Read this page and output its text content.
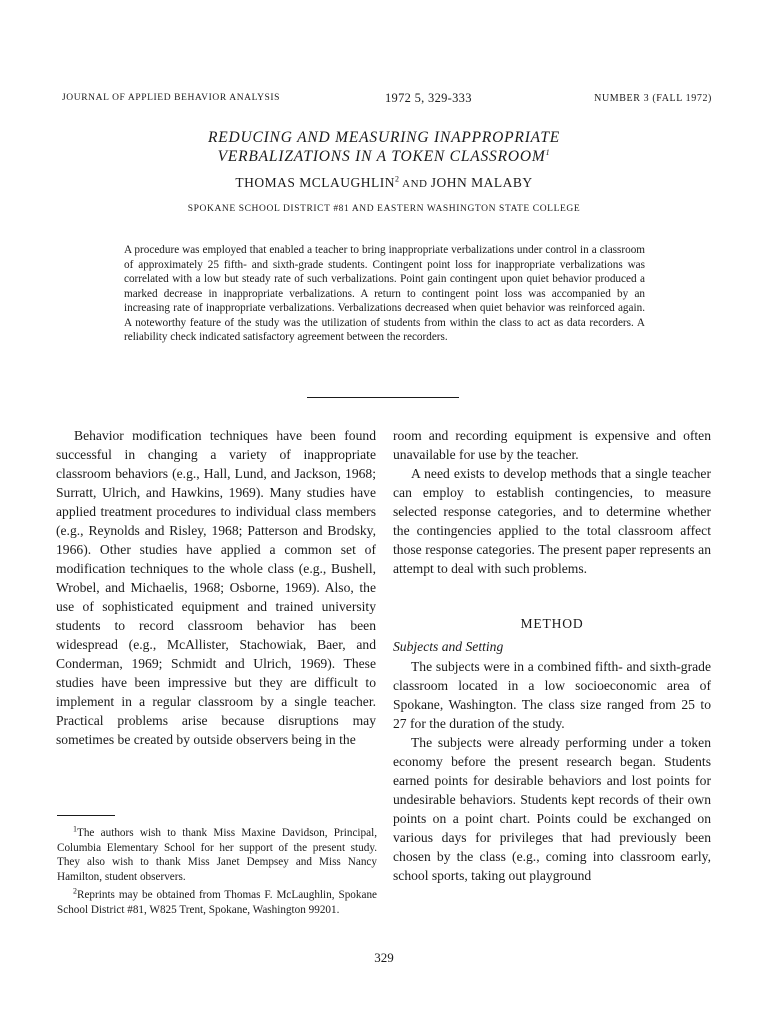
JOURNAL OF APPLIED BEHAVIOR ANALYSIS	1972 5, 329-333	NUMBER 3 (FALL 1972)
REDUCING AND MEASURING INAPPROPRIATE
VERBALIZATIONS IN A TOKEN CLASSROOM$^1$
THOMAS MCLAUGHLIN$^2$ AND JOHN MALABY
SPOKANE SCHOOL DISTRICT #81 AND EASTERN WASHINGTON STATE COLLEGE
A procedure was employed that enabled a teacher to bring inappropriate verbalizations under control in a classroom of approximately 25 fifth- and sixth-grade students. Contingent point loss for inappropriate verbalizations was correlated with a low but steady rate of such verbalizations. Point gain contingent upon quiet behavior produced a marked decrease in inappropriate verbalizations. A return to contingent point loss was accompanied by an increasing rate of inappropriate verbalizations. Verbalizations decreased when quiet behavior was reinforced again. A noteworthy feature of the study was the utilization of students from within the class to act as data recorders. A reliability check indicated satisfactory agreement between the recorders.

Behavior modification techniques have been found successful in changing a variety of inappropriate classroom behaviors (e.g., Hall, Lund, and Jackson, 1968; Surratt, Ulrich, and Hawkins, 1969). Many studies have applied treatment procedures to individual class members (e.g., Reynolds and Risley, 1968; Patterson and Brodsky, 1966). Other studies have applied a common set of modification techniques to the whole class (e.g., Bushell, Wrobel, and Michaelis, 1968; Osborne, 1969). Also, the use of sophisticated equipment and trained university students to record classroom behavior has been widespread (e.g., McAllister, Stachowiak, Baer, and Conderman, 1969; Schmidt and Ulrich, 1969). These studies have been impressive but they are difficult to implement in a regular classroom by a single teacher. Practical problems arise because disruptions may sometimes be created by outside observers being in the

room and recording equipment is expensive and often unavailable for use by the teacher.

A need exists to develop methods that a single teacher can employ to establish contingencies, to measure selected response categories, and to determine whether the contingencies applied to the total classroom affect those response categories. The present paper represents an attempt to deal with such problems.

METHOD
Subjects and Setting

The subjects were in a combined fifth- and sixth-grade classroom located in a low socioeconomic area of Spokane, Washington. The class size ranged from 25 to 27 for the duration of the study.

The subjects were already performing under a token economy before the present research began. Students earned points for desirable behaviors and lost points for undesirable behaviors. Students kept records of their own points on a point chart. Points could be exchanged on various days for privileges that had previously been chosen by the class (e.g., coming into classroom early, school sports, taking out playground

$^1$The authors wish to thank Miss Maxine Davidson, Principal, Columbia Elementary School for her support of the present study. They also wish to thank Miss Janet Dempsey and Miss Nancy Hamilton, student observers.

$^2$Reprints may be obtained from Thomas F. McLaughlin, Spokane School District #81, W825 Trent, Spokane, Washington 99201.

329
